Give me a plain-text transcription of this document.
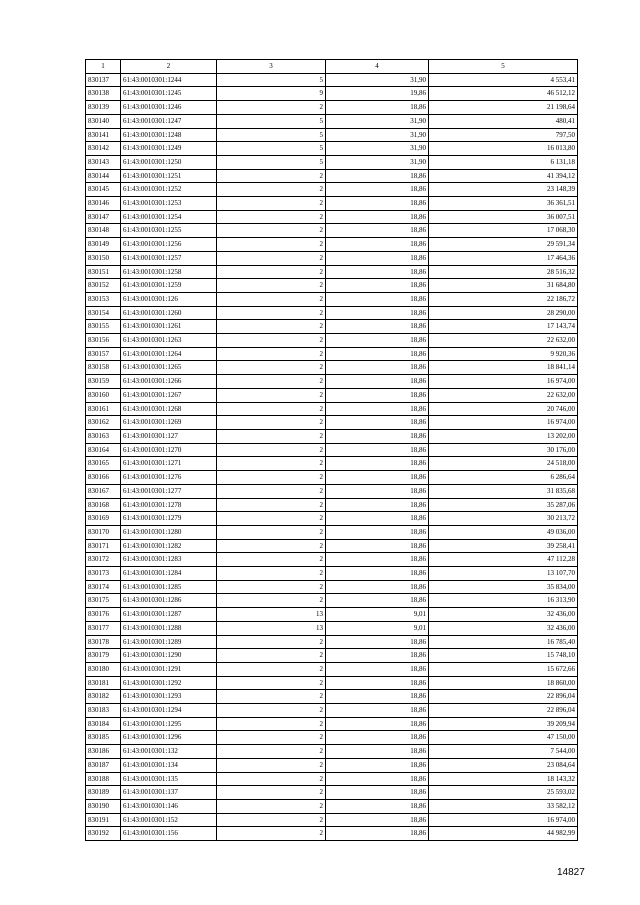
1	2	3	4	5
830137	61:43:0010301:1244	5	31,90	4 553,41
830138	61:43:0010301:1245	9	19,86	46 512,12
830139	61:43:0010301:1246	2	18,86	21 198,64
830140	61:43:0010301:1247	5	31,90	480,41
830141	61:43:0010301:1248	5	31,90	797,50
830142	61:43:0010301:1249	5	31,90	16 013,80
830143	61:43:0010301:1250	5	31,90	6 131,18
830144	61:43:0010301:1251	2	18,86	41 394,12
830145	61:43:0010301:1252	2	18,86	23 148,39
830146	61:43:0010301:1253	2	18,86	36 361,51
830147	61:43:0010301:1254	2	18,86	36 007,51
830148	61:43:0010301:1255	2	18,86	17 068,30
830149	61:43:0010301:1256	2	18,86	29 591,34
830150	61:43:0010301:1257	2	18,86	17 464,36
830151	61:43:0010301:1258	2	18,86	28 516,32
830152	61:43:0010301:1259	2	18,86	31 684,80
830153	61:43:0010301:126	2	18,86	22 186,72
830154	61:43:0010301:1260	2	18,86	28 290,00
830155	61:43:0010301:1261	2	18,86	17 143,74
830156	61:43:0010301:1263	2	18,86	22 632,00
830157	61:43:0010301:1264	2	18,86	9 920,36
830158	61:43:0010301:1265	2	18,86	18 841,14
830159	61:43:0010301:1266	2	18,86	16 974,00
830160	61:43:0010301:1267	2	18,86	22 632,00
830161	61:43:0010301:1268	2	18,86	20 746,00
830162	61:43:0010301:1269	2	18,86	16 974,00
830163	61:43:0010301:127	2	18,86	13 202,00
830164	61:43:0010301:1270	2	18,86	30 176,00
830165	61:43:0010301:1271	2	18,86	24 518,00
830166	61:43:0010301:1276	2	18,86	6 286,64
830167	61:43:0010301:1277	2	18,86	31 835,68
830168	61:43:0010301:1278	2	18,86	35 287,06
830169	61:43:0010301:1279	2	18,86	30 213,72
830170	61:43:0010301:1280	2	18,86	49 036,00
830171	61:43:0010301:1282	2	18,86	39 258,41
830172	61:43:0010301:1283	2	18,86	47 112,28
830173	61:43:0010301:1284	2	18,86	13 107,70
830174	61:43:0010301:1285	2	18,86	35 834,00
830175	61:43:0010301:1286	2	18,86	16 313,90
830176	61:43:0010301:1287	13	9,01	32 436,00
830177	61:43:0010301:1288	13	9,01	32 436,00
830178	61:43:0010301:1289	2	18,86	16 785,40
830179	61:43:0010301:1290	2	18,86	15 748,10
830180	61:43:0010301:1291	2	18,86	15 672,66
830181	61:43:0010301:1292	2	18,86	18 860,00
830182	61:43:0010301:1293	2	18,86	22 896,04
830183	61:43:0010301:1294	2	18,86	22 896,04
830184	61:43:0010301:1295	2	18,86	39 209,94
830185	61:43:0010301:1296	2	18,86	47 150,00
830186	61:43:0010301:132	2	18,86	7 544,00
830187	61:43:0010301:134	2	18,86	23 084,64
830188	61:43:0010301:135	2	18,86	18 143,32
830189	61:43:0010301:137	2	18,86	25 593,02
830190	61:43:0010301:146	2	18,86	33 582,12
830191	61:43:0010301:152	2	18,86	16 974,00
830192	61:43:0010301:156	2	18,86	44 982,99
14827
